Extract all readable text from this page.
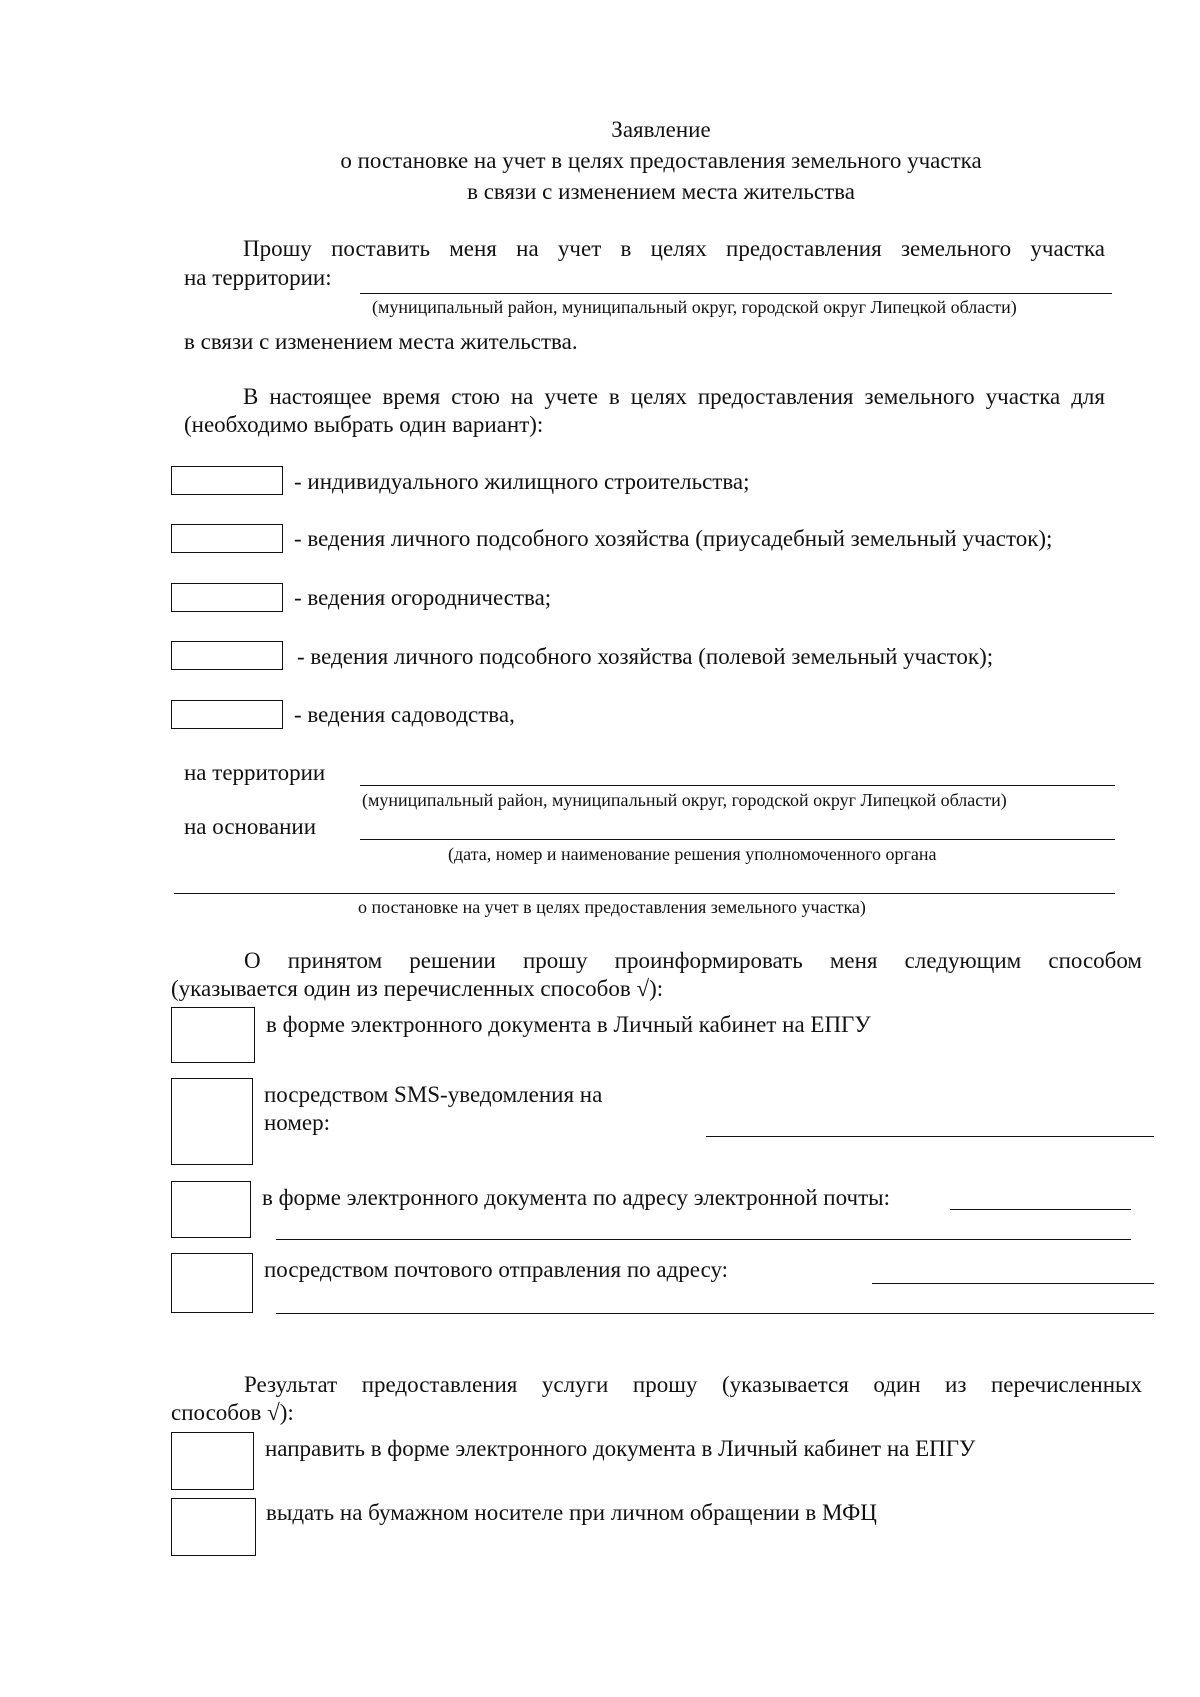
Заявление
о постановке на учет в целях предоставления земельного участка
в связи с изменением места жительства
Прошу поставить меня на учет в целях предоставления земельного участка
на территории:
(муниципальный район, муниципальный округ, городской округ Липецкой области)
в связи с изменением места жительства.
В настоящее время стою на учете в целях предоставления земельного участка для
(необходимо выбрать один вариант):
- индивидуального жилищного строительства;
- ведения личного подсобного хозяйства (приусадебный земельный участок);
- ведения огородничества;
- ведения личного подсобного хозяйства (полевой земельный участок);
- ведения садоводства,
на территории
(муниципальный район, муниципальный округ, городской округ Липецкой области)
на основании
(дата, номер и наименование решения уполномоченного органа
о постановке на учет в целях предоставления земельного участка)
О принятом решении прошу проинформировать меня следующим способом
(указывается один из перечисленных способов √):
в форме электронного документа в Личный кабинет на ЕПГУ
посредством SMS-уведомления на
номер:
в форме электронного документа по адресу электронной почты:
посредством почтового отправления по адресу:
Результат предоставления услуги прошу (указывается один из перечисленных
способов √):
направить в форме электронного документа в Личный кабинет на ЕПГУ
выдать на бумажном носителе при личном обращении в МФЦ
